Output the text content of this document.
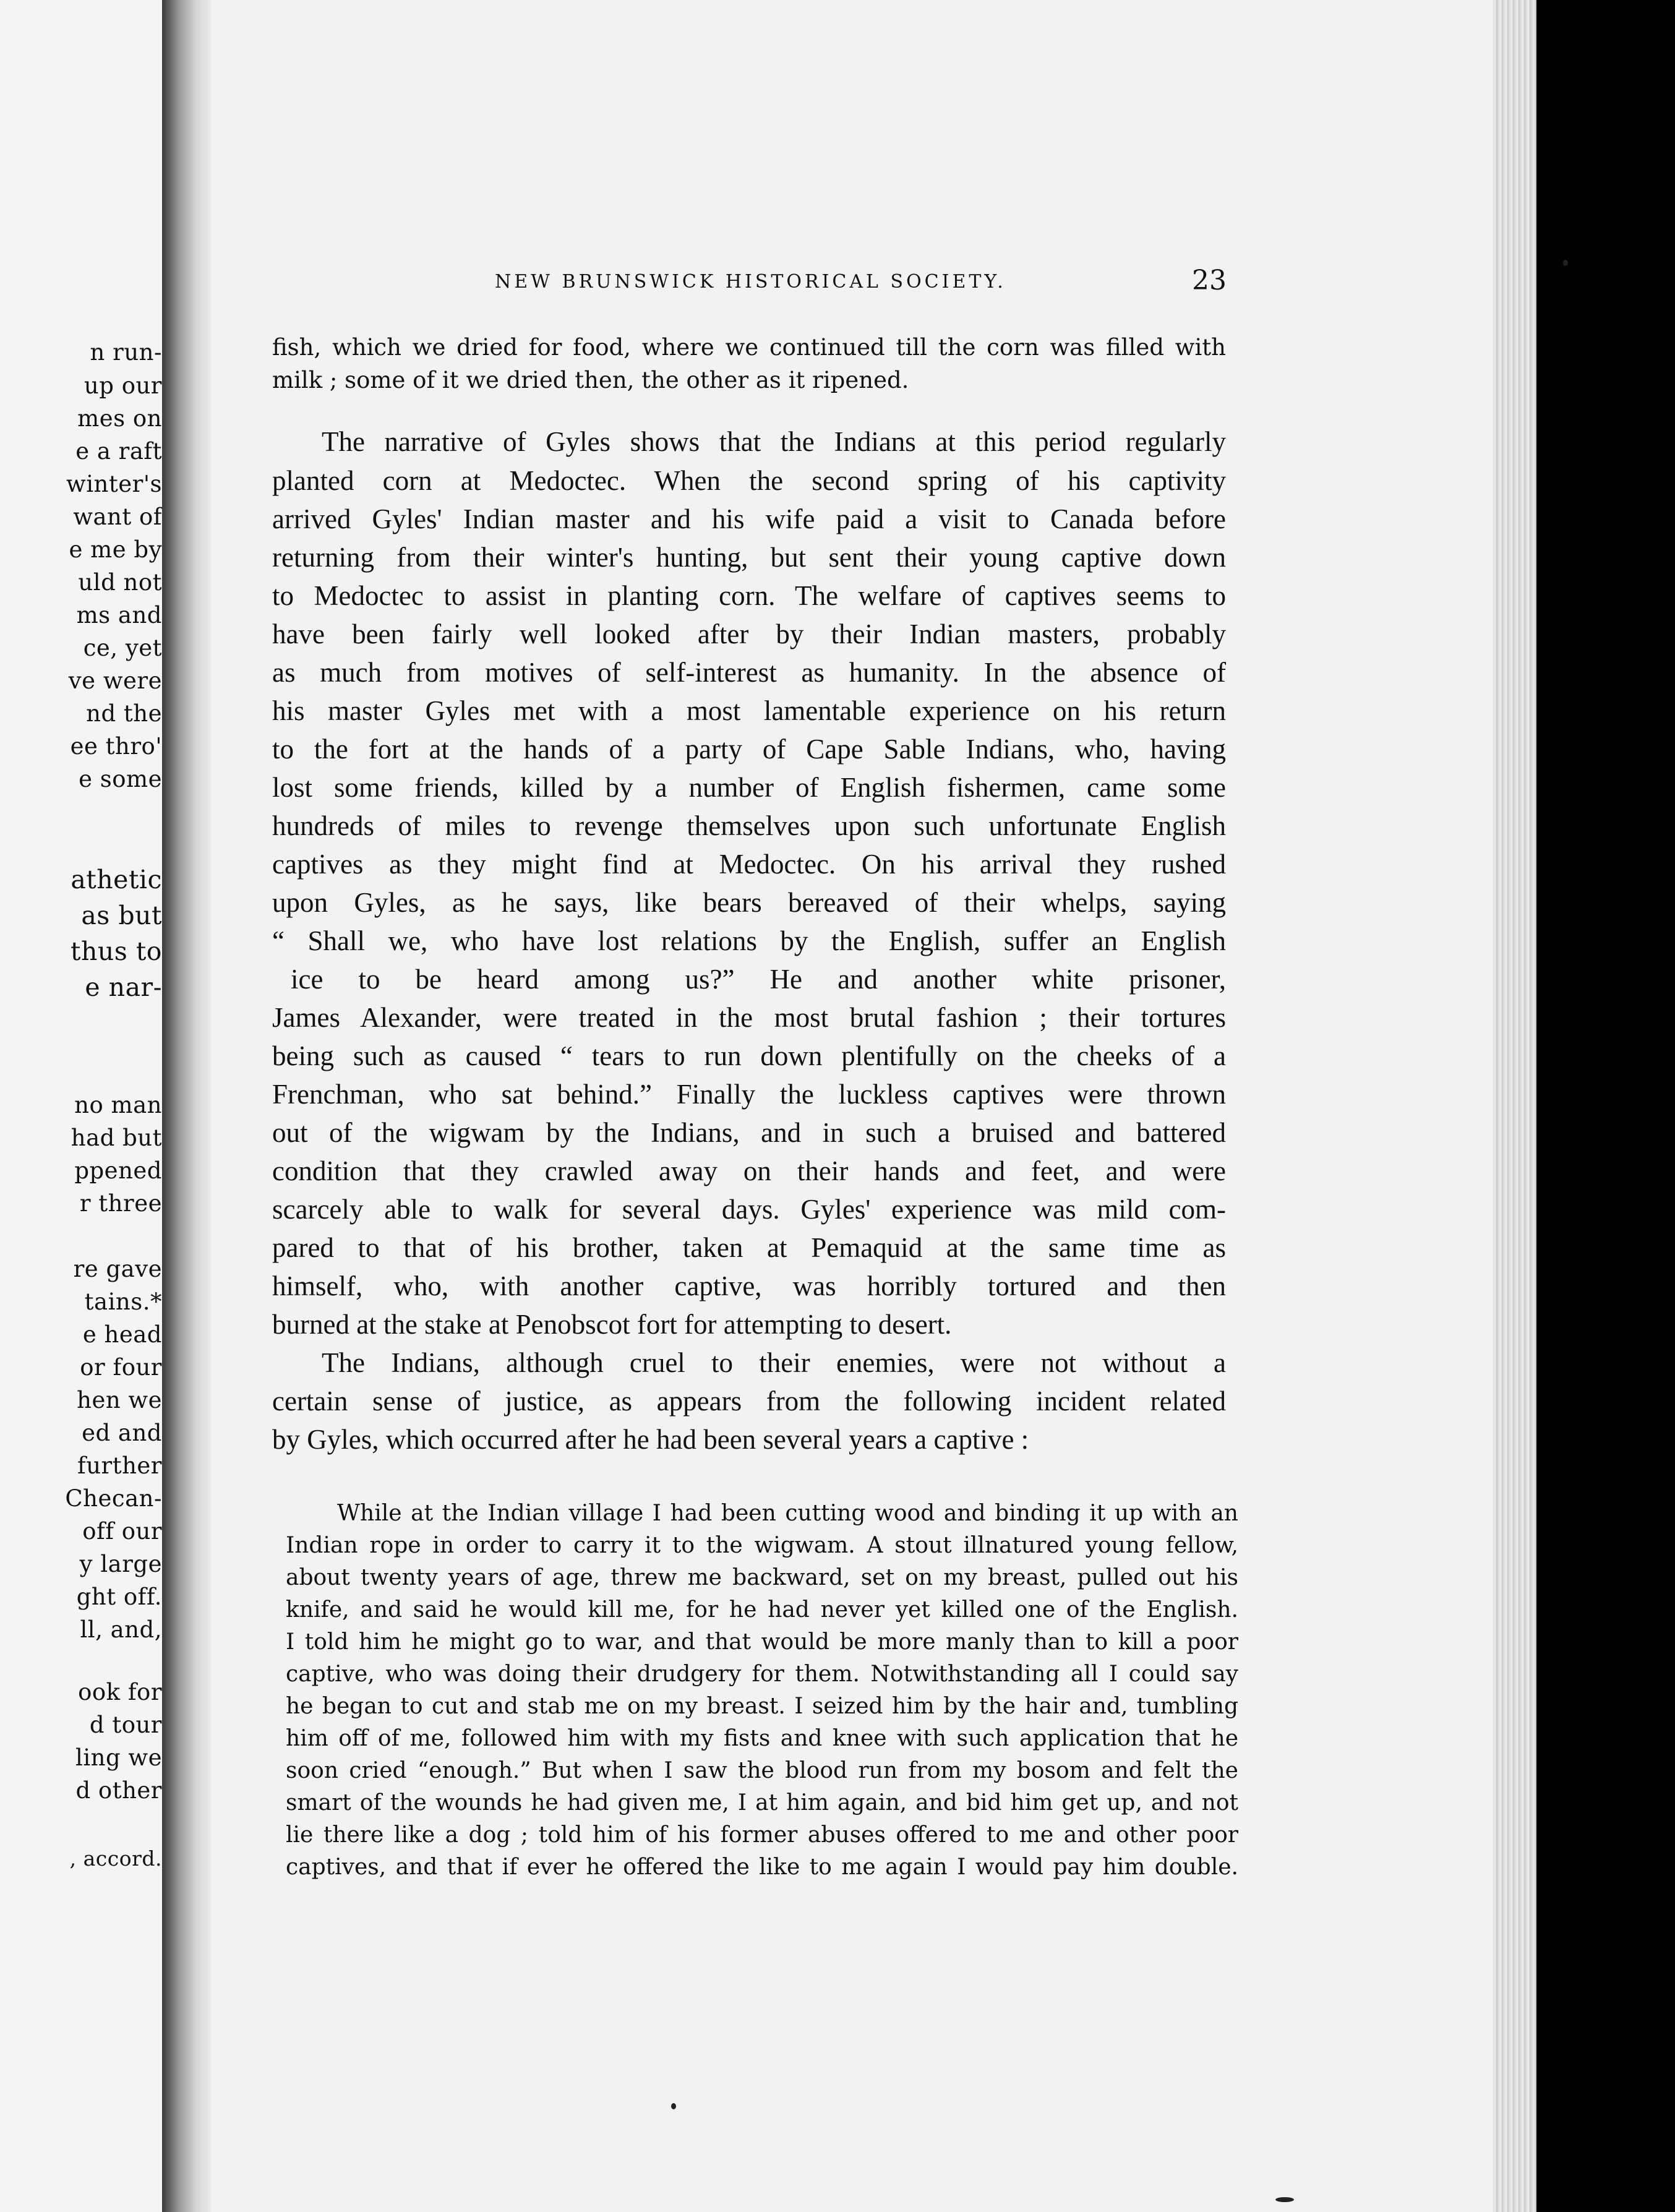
n run-
up our
mes on
e a raft
winter's
want of
e me by
uld not
ms and
ce, yet
ve were
nd the
ee thro'
e some
athetic
as but
thus to
e nar-
no man
had but
ppened
r three
re gave
tains.*
e head
or four
hen we
ed and
further
Checan-
off our
y large
ght off.
ll, and,
ook for
d tour
ling we
d other
, accord.
NEW BRUNSWICK HISTORICAL SOCIETY.	23
fish, which we dried for food, where we continued till the corn was filled with
milk ; some of it we dried then, the other as it ripened.
The narrative of Gyles shows that the Indians at this period regularly
planted corn at Medoctec. When the second spring of his captivity
arrived Gyles' Indian master and his wife paid a visit to Canada before
returning from their winter's hunting, but sent their young captive down
to Medoctec to assist in planting corn. The welfare of captives seems to
have been fairly well looked after by their Indian masters, probably
as much from motives of self-interest as humanity. In the absence of
his master Gyles met with a most lamentable experience on his return
to the fort at the hands of a party of Cape Sable Indians, who, having
lost some friends, killed by a number of English fishermen, came some
hundreds of miles to revenge themselves upon such unfortunate English
captives as they might find at Medoctec. On his arrival they rushed
upon Gyles, as he says, like bears bereaved of their whelps, saying
“ Shall we, who have lost relations by the English, suffer an English
ice to be heard among us?” He and another white prisoner,
James Alexander, were treated in the most brutal fashion ; their tortures
being such as caused “ tears to run down plentifully on the cheeks of a
Frenchman, who sat behind.” Finally the luckless captives were thrown
out of the wigwam by the Indians, and in such a bruised and battered
condition that they crawled away on their hands and feet, and were
scarcely able to walk for several days. Gyles' experience was mild com-
pared to that of his brother, taken at Pemaquid at the same time as
himself, who, with another captive, was horribly tortured and then
burned at the stake at Penobscot fort for attempting to desert.
The Indians, although cruel to their enemies, were not without a
certain sense of justice, as appears from the following incident related
by Gyles, which occurred after he had been several years a captive :
While at the Indian village I had been cutting wood and binding it up with an
Indian rope in order to carry it to the wigwam. A stout illnatured young fellow,
about twenty years of age, threw me backward, set on my breast, pulled out his
knife, and said he would kill me, for he had never yet killed one of the English.
I told him he might go to war, and that would be more manly than to kill a poor
captive, who was doing their drudgery for them. Notwithstanding all I could say
he began to cut and stab me on my breast. I seized him by the hair and, tumbling
him off of me, followed him with my fists and knee with such application that he
soon cried “enough.” But when I saw the blood run from my bosom and felt the
smart of the wounds he had given me, I at him again, and bid him get up, and not
lie there like a dog ; told him of his former abuses offered to me and other poor
captives, and that if ever he offered the like to me again I would pay him double.
